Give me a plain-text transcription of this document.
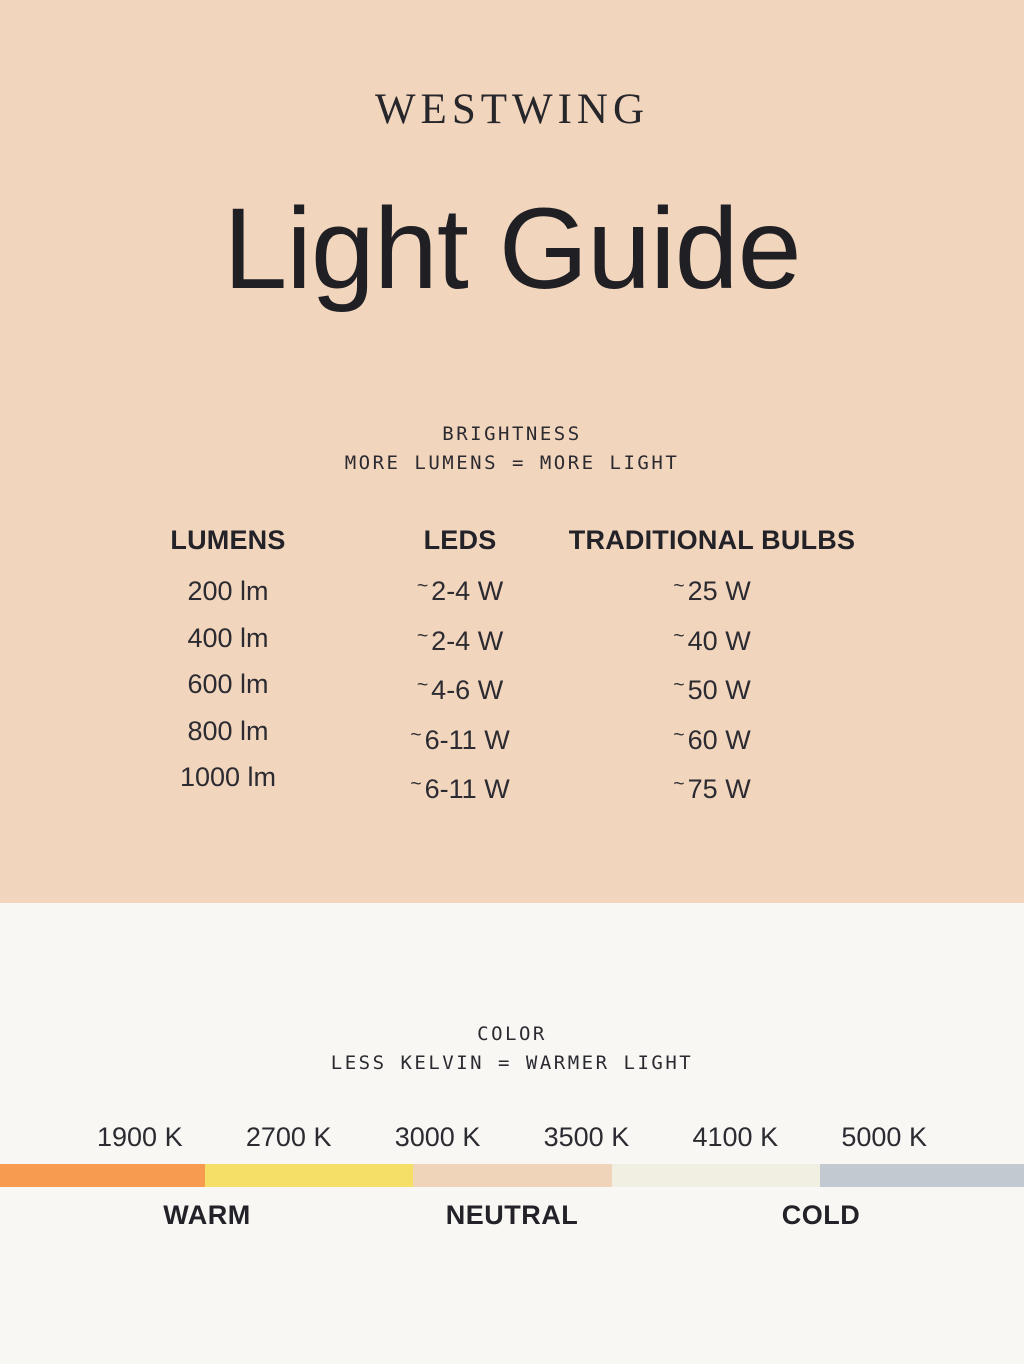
WESTWING
Light Guide
BRIGHTNESS
MORE LUMENS = MORE LIGHT
LUMENS
200 lm
400 lm
600 lm
800 lm
1000 lm
LEDS
~ 2-4 W
~ 2-4 W
~ 4-6 W
~ 6-11 W
~ 6-11 W
TRADITIONAL BULBS
~ 25 W
~ 40 W
~ 50 W
~ 60 W
~ 75 W
COLOR
LESS KELVIN = WARMER LIGHT
1900 K 2700 K 3000 K 3500 K 4100 K 5000 K
WARM	NEUTRAL	COLD
